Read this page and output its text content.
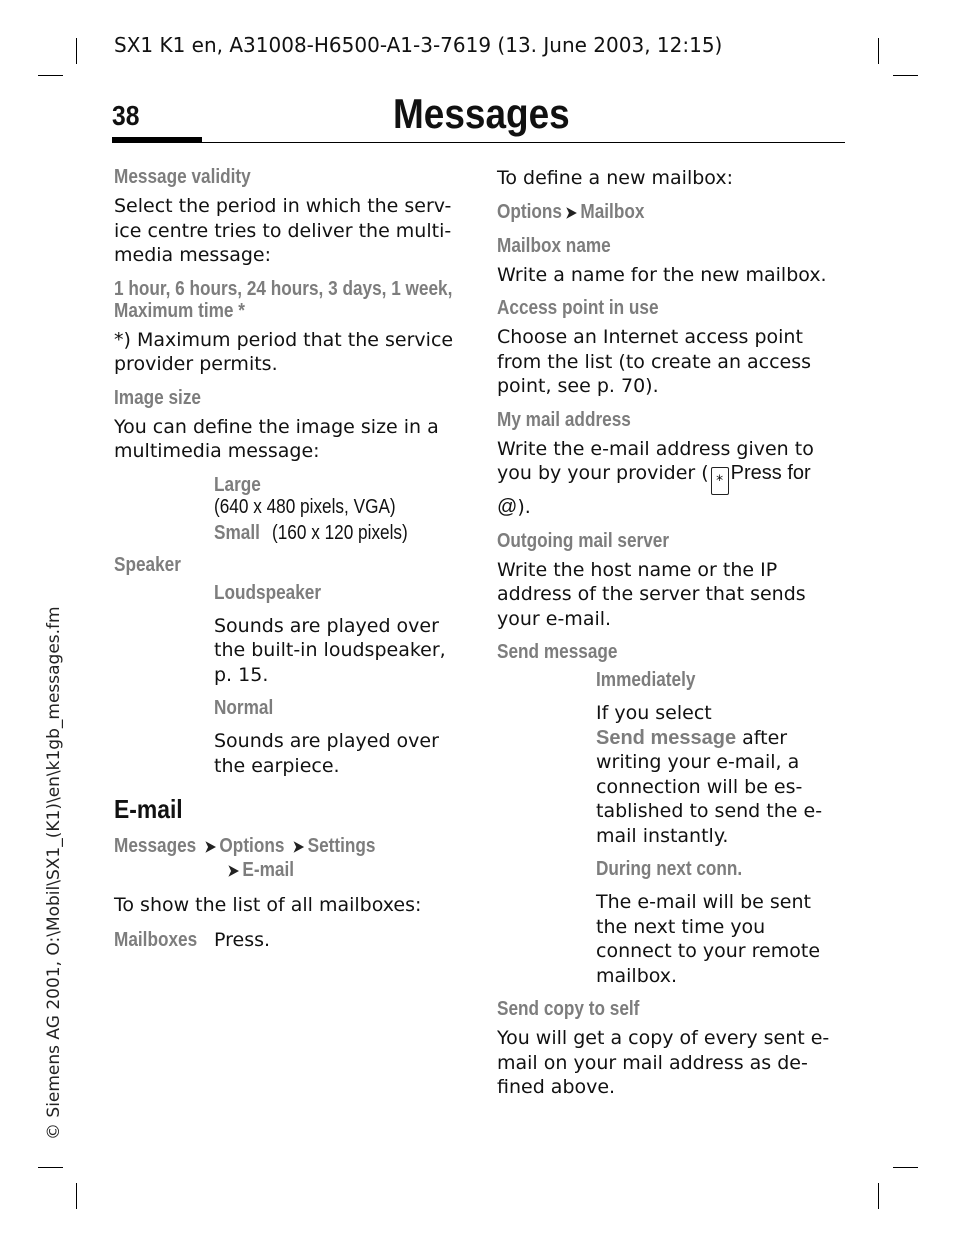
SX1 K1 en, A31008-H6500-A1-3-7619 (13. June 2003, 12:15)
38	Messages
© Siemens AG 2001, O:\Mobil\SX1_(K1)\en\k1gb_messages.fm
Message validity
Select the period in which the serv-ice centre tries to deliver the multi-media message:
1 hour, 6 hours, 24 hours, 3 days, 1 week, Maximum time *
*) Maximum period that the service provider permits.
Image size
You can define the image size in a multimedia message:
Large (640 x 480 pixels, VGA)
Small (160 x 120 pixels)
Speaker
Loudspeaker
Sounds are played over the built-in loudspeaker, p. 15.
Normal
Sounds are played over the earpiece.
E-mail
Messages ➤ Options ➤ Settings
➤ E-mail
To show the list of all mailboxes:
Mailboxes Press.
To define a new mailbox:
Options ➤ Mailbox
Mailbox name
Write a name for the new mailbox.
Access point in use
Choose an Internet access point from the list (to create an access point, see p. 70).
My mail address
Write the e-mail address given to you by your provider ( * Press for @).
Outgoing mail server
Write the host name or the IP address of the server that sends your e-mail.
Send message
Immediately
If you select Send message after writing your e-mail, a connection will be es-tablished to send the e-mail instantly.
During next conn.
The e-mail will be sent the next time you connect to your remote mailbox.
Send copy to self
You will get a copy of every sent e-mail on your mail address as de-fined above.
